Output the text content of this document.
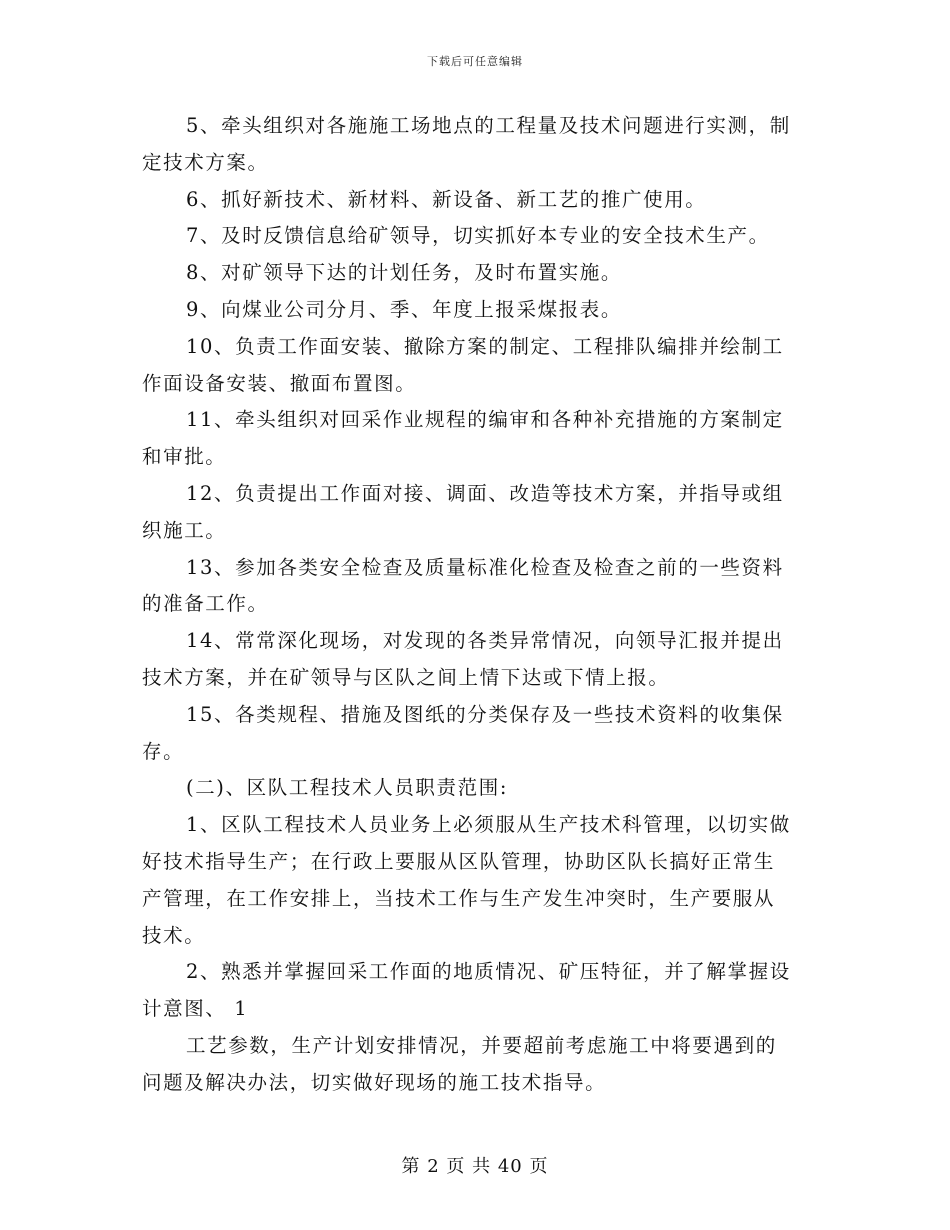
下载后可任意编辑

5、牵头组织对各施施工场地点的工程量及技术问题进行实测，制
定技术方案。

6、抓好新技术、新材料、新设备、新工艺的推广使用。

7、及时反馈信息给矿领导，切实抓好本专业的安全技术生产。

8、对矿领导下达的计划任务，及时布置实施。

9、向煤业公司分月、季、年度上报采煤报表。

10、负责工作面安装、撤除方案的制定、工程排队编排并绘制工
作面设备安装、撤面布置图。

11、牵头组织对回采作业规程的编审和各种补充措施的方案制定
和审批。

12、负责提出工作面对接、调面、改造等技术方案，并指导或组
织施工。

13、参加各类安全检查及质量标准化检查及检查之前的一些资料
的准备工作。

14、常常深化现场，对发现的各类异常情况，向领导汇报并提出
技术方案，并在矿领导与区队之间上情下达或下情上报。

15、各类规程、措施及图纸的分类保存及一些技术资料的收集保
存。

(二)、区队工程技术人员职责范围:

1、区队工程技术人员业务上必须服从生产技术科管理，以切实做
好技术指导生产；在行政上要服从区队管理，协助区队长搞好正常生
产管理，在工作安排上，当技术工作与生产发生冲突时，生产要服从
技术。

2、熟悉并掌握回采工作面的地质情况、矿压特征，并了解掌握设
计意图、 1

工艺参数，生产计划安排情况，并要超前考虑施工中将要遇到的
问题及解决办法，切实做好现场的施工技术指导。

第 2 页 共 40 页
